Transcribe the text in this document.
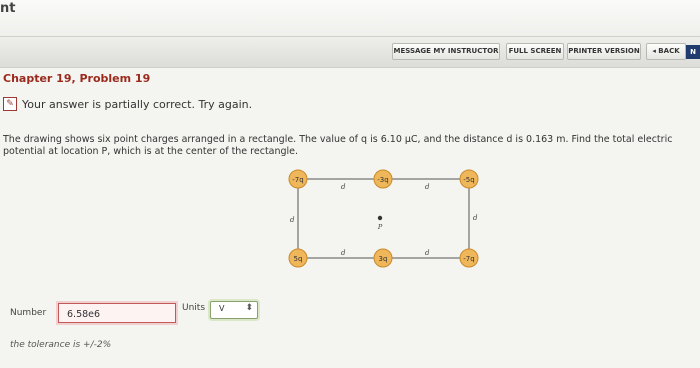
nt
MESSAGE MY INSTRUCTOR	FULL SCREEN PRINTER VERSION	◂ BACK	N
Chapter 19, Problem 19
✎ Your answer is partially correct. Try again.
The drawing shows six point charges arranged in a rectangle. The value of q is 6.10 μC, and the distance d is 0.163 m. Find the total electric potential at location P, which is at the center of the rectangle.
-7q	-3q	-5q
5q	3q	-7q
d	d
d	d
d	d
P
Number 6.58e6
Units V ⬍
the tolerance is +/-2%
